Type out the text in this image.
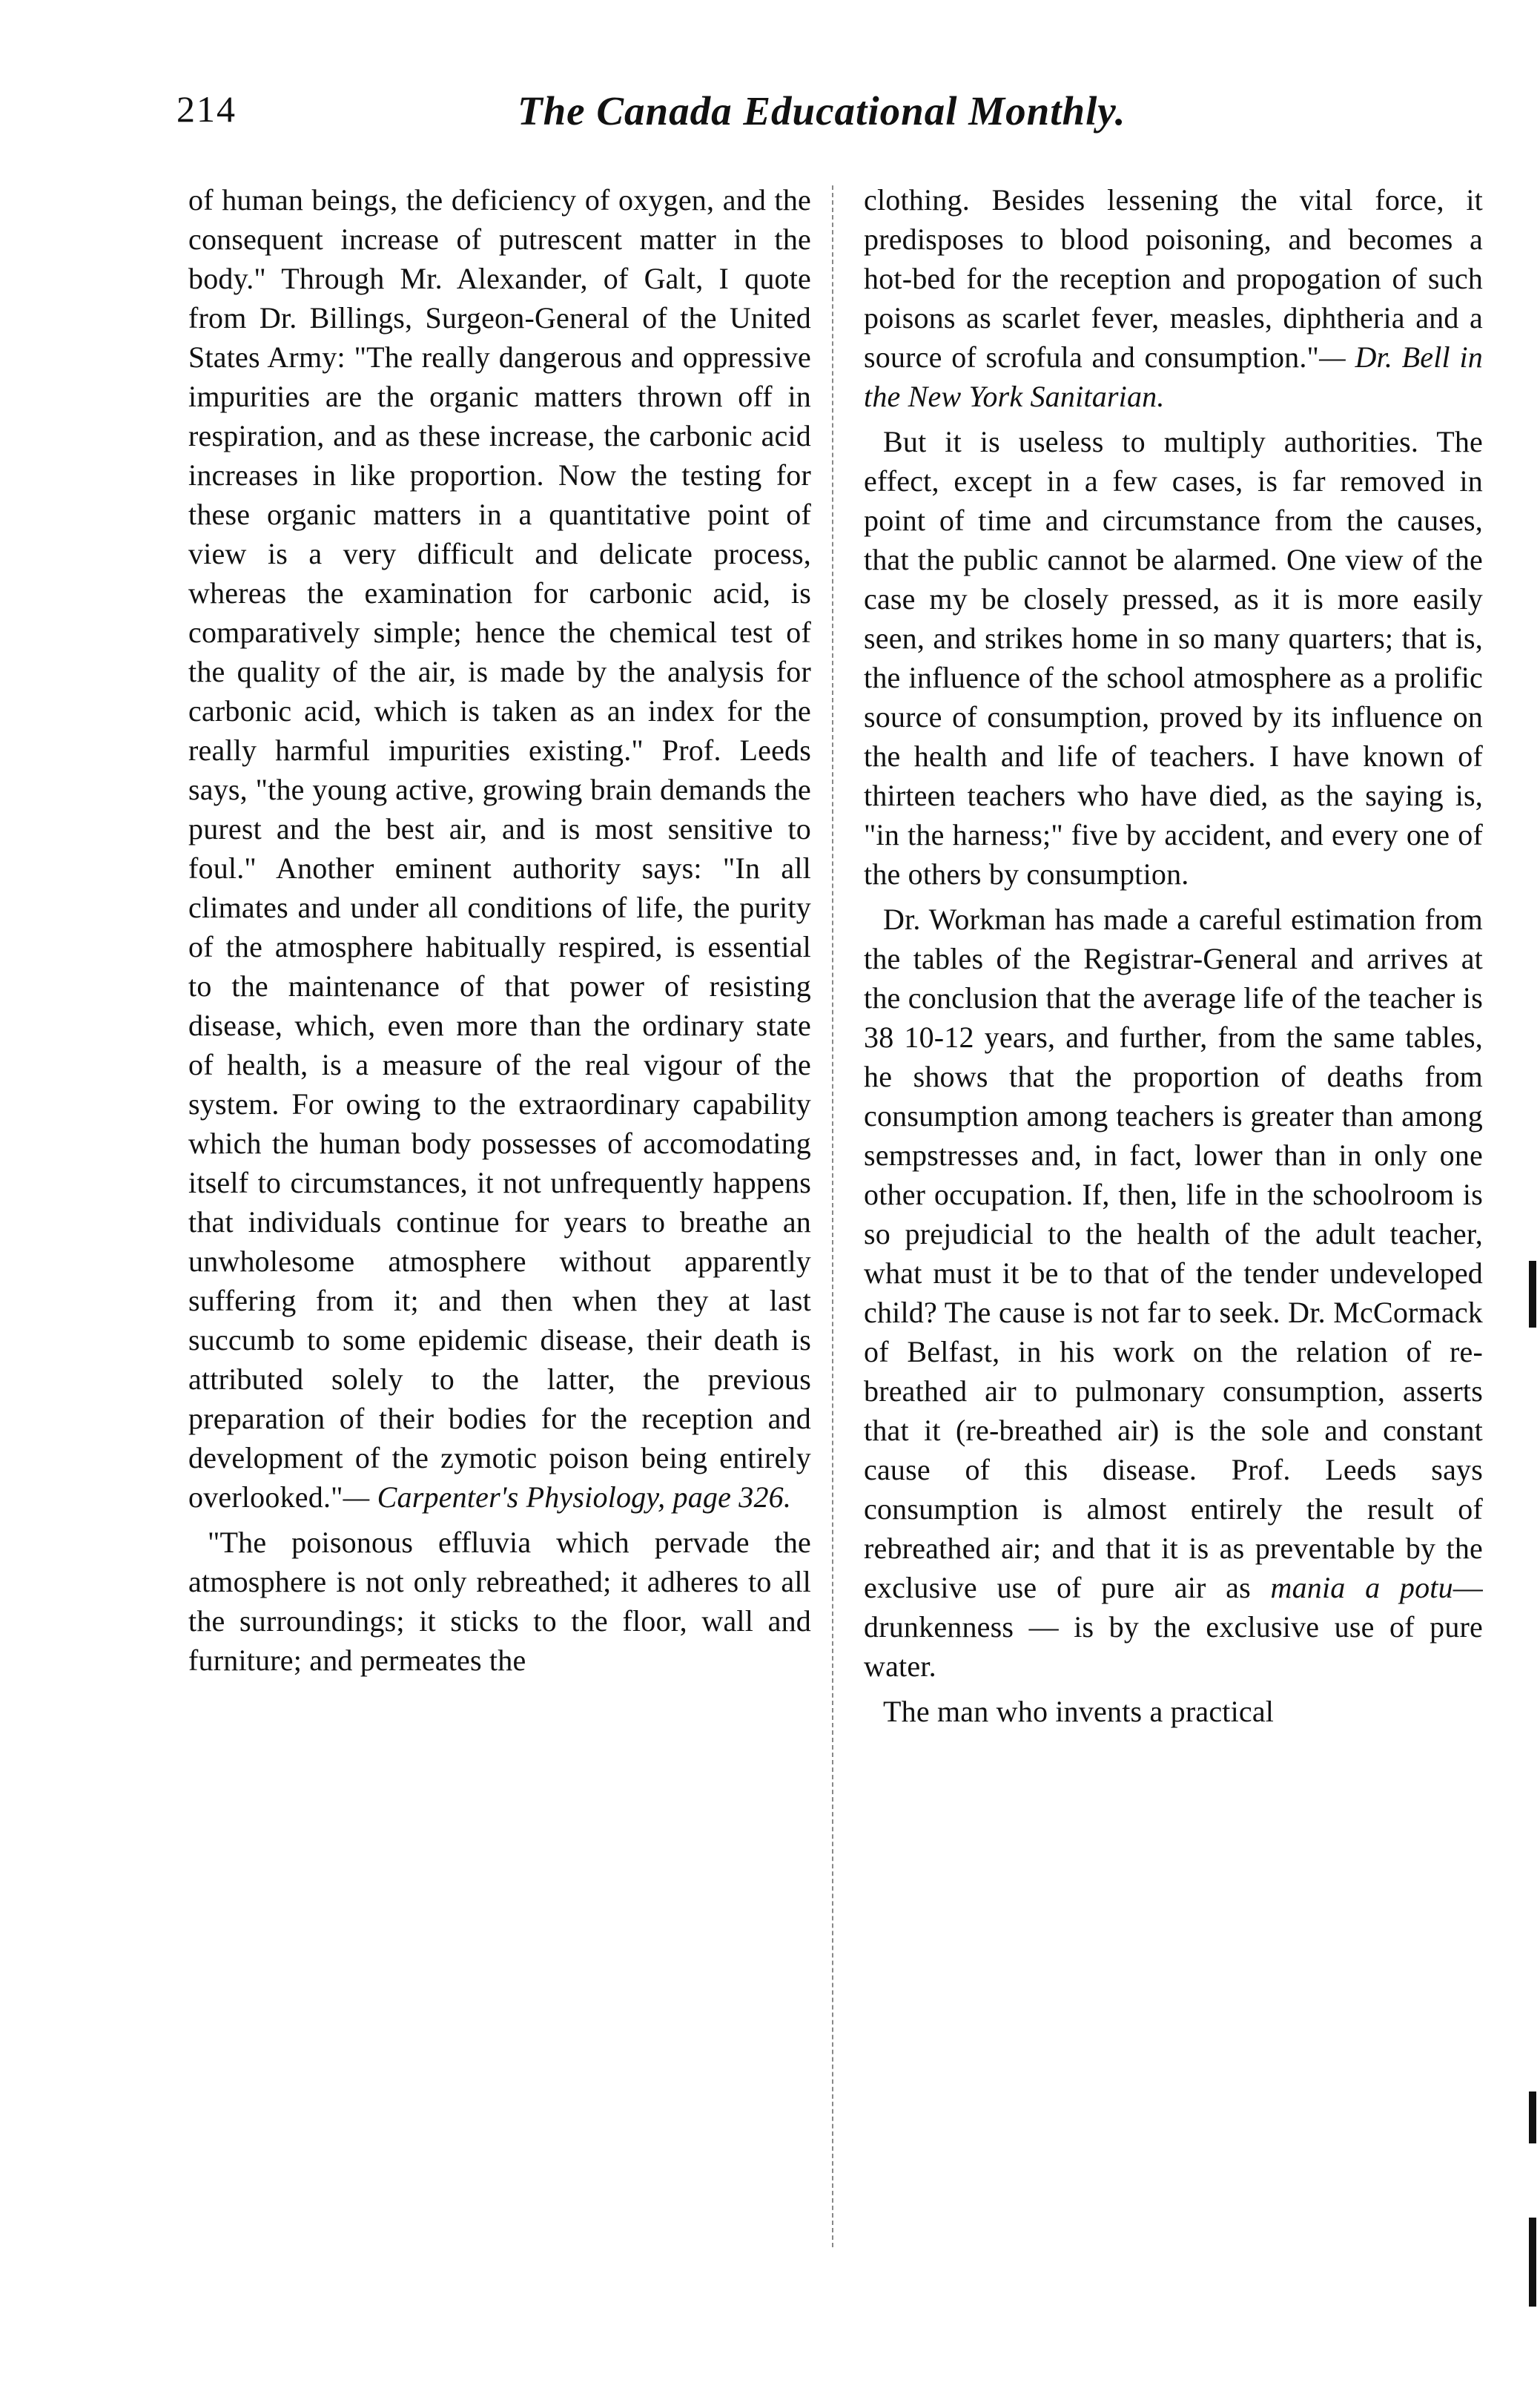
214	The Canada Educational Monthly.

of human beings, the deficiency of oxygen, and the consequent increase of putrescent matter in the body." Through Mr. Alexander, of Galt, I quote from Dr. Billings, Surgeon-General of the United States Army: "The really dangerous and oppressive impurities are the organic matters thrown off in respiration, and as these increase, the carbonic acid increases in like proportion. Now the testing for these organic matters in a quantitative point of view is a very difficult and delicate process, whereas the examination for carbonic acid, is comparatively simple; hence the chemical test of the quality of the air, is made by the analysis for carbonic acid, which is taken as an index for the really harmful impurities existing." Prof. Leeds says, "the young active, growing brain demands the purest and the best air, and is most sensitive to foul." Another eminent authority says: "In all climates and under all conditions of life, the purity of the atmosphere habitually respired, is essential to the maintenance of that power of resisting disease, which, even more than the ordinary state of health, is a measure of the real vigour of the system. For owing to the extraordinary capability which the human body possesses of accomodating itself to circumstances, it not unfrequently happens that individuals continue for years to breathe an unwholesome atmosphere without apparently suffering from it; and then when they at last succumb to some epidemic disease, their death is attributed solely to the latter, the previous preparation of their bodies for the reception and development of the zymotic poison being entirely overlooked."— Carpenter's Physiology, page 326.

"The poisonous effluvia which pervade the atmosphere is not only rebreathed; it adheres to all the surroundings; it sticks to the floor, wall and furniture; and permeates the

clothing. Besides lessening the vital force, it predisposes to blood poisoning, and becomes a hot-bed for the reception and propogation of such poisons as scarlet fever, measles, diphtheria and a source of scrofula and consumption."— Dr. Bell in the New York Sanitarian.

But it is useless to multiply authorities. The effect, except in a few cases, is far removed in point of time and circumstance from the causes, that the public cannot be alarmed. One view of the case my be closely pressed, as it is more easily seen, and strikes home in so many quarters; that is, the influence of the school atmosphere as a prolific source of consumption, proved by its influence on the health and life of teachers. I have known of thirteen teachers who have died, as the saying is, "in the harness;" five by accident, and every one of the others by consumption.

Dr. Workman has made a careful estimation from the tables of the Registrar-General and arrives at the conclusion that the average life of the teacher is 38 10-12 years, and further, from the same tables, he shows that the proportion of deaths from consumption among teachers is greater than among sempstresses and, in fact, lower than in only one other occupation. If, then, life in the schoolroom is so prejudicial to the health of the adult teacher, what must it be to that of the tender undeveloped child? The cause is not far to seek. Dr. McCormack of Belfast, in his work on the relation of re-breathed air to pulmonary consumption, asserts that it (re-breathed air) is the sole and constant cause of this disease. Prof. Leeds says consumption is almost entirely the result of rebreathed air; and that it is as preventable by the exclusive use of pure air as mania a potu— drunkenness — is by the exclusive use of pure water.

The man who invents a practical
